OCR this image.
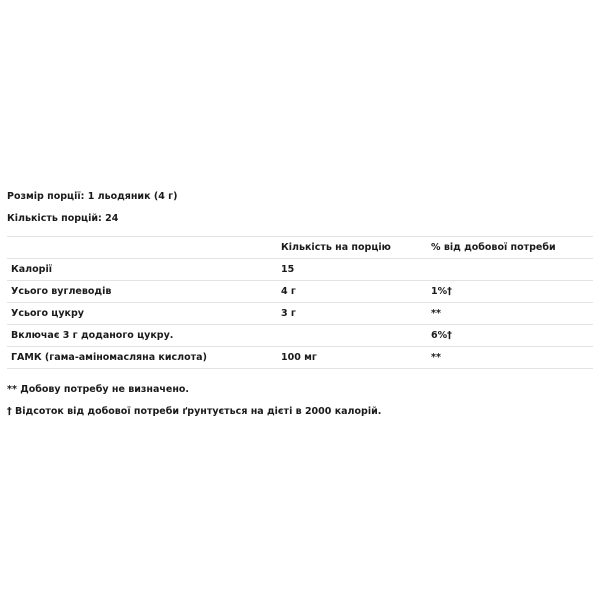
Розмір порції: 1 льодяник (4 г)
Кількість порцій: 24
	Кількість на порцію	% від добової потреби
Калорії	15	
Усього вуглеводів	4 г	1%†
Усього цукру	3 г	**
Включає 3 г доданого цукру.		6%†
ГАМК (гама-аміномасляна кислота)	100 мг	**
** Добову потребу не визначено.
† Відсоток від добової потреби ґрунтується на дієті в 2000 калорій.
